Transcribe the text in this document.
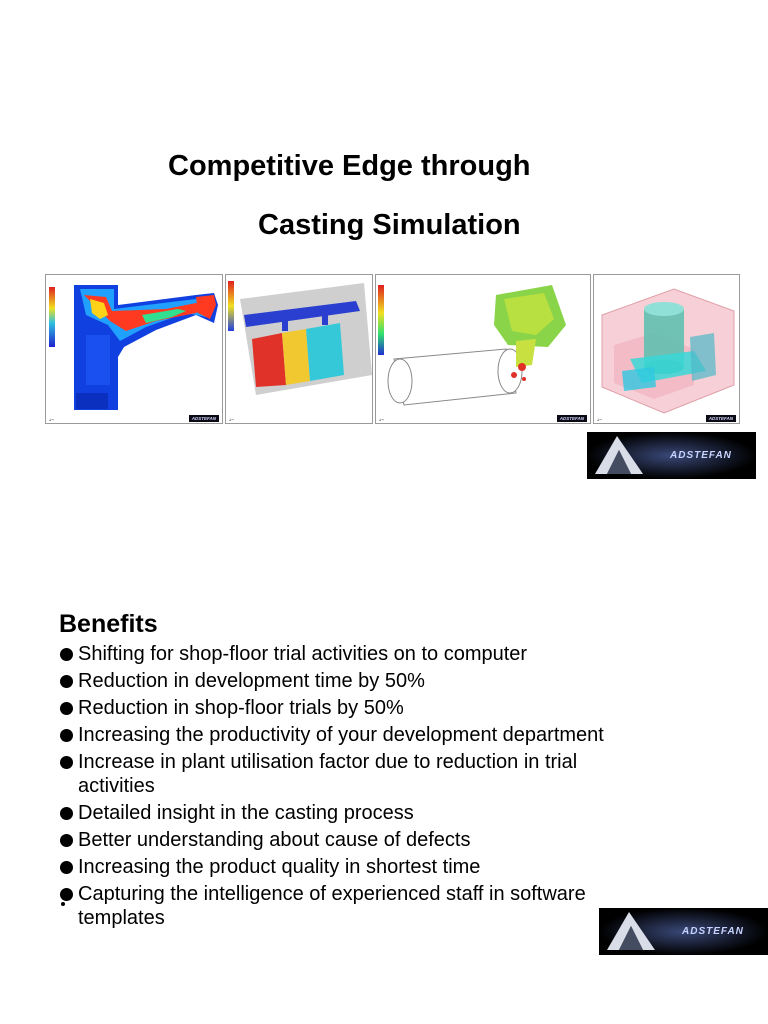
Competitive Edge through
Casting Simulation
⊥→	ADSTEFAN	⊥→	⊥→	ADSTEFAN	⊥→	ADSTEFAN
ADSTEFAN
Benefits
Shifting for shop-floor trial activities on to computer
Reduction in development time by 50%
Reduction in shop-floor trials by 50%
Increasing the productivity of your development department
Increase in plant utilisation factor due to reduction in trial activities
Detailed insight in the casting process
Better understanding about cause of defects
Increasing the product quality in shortest time
Capturing the intelligence of experienced staff in software templates
ADSTEFAN
